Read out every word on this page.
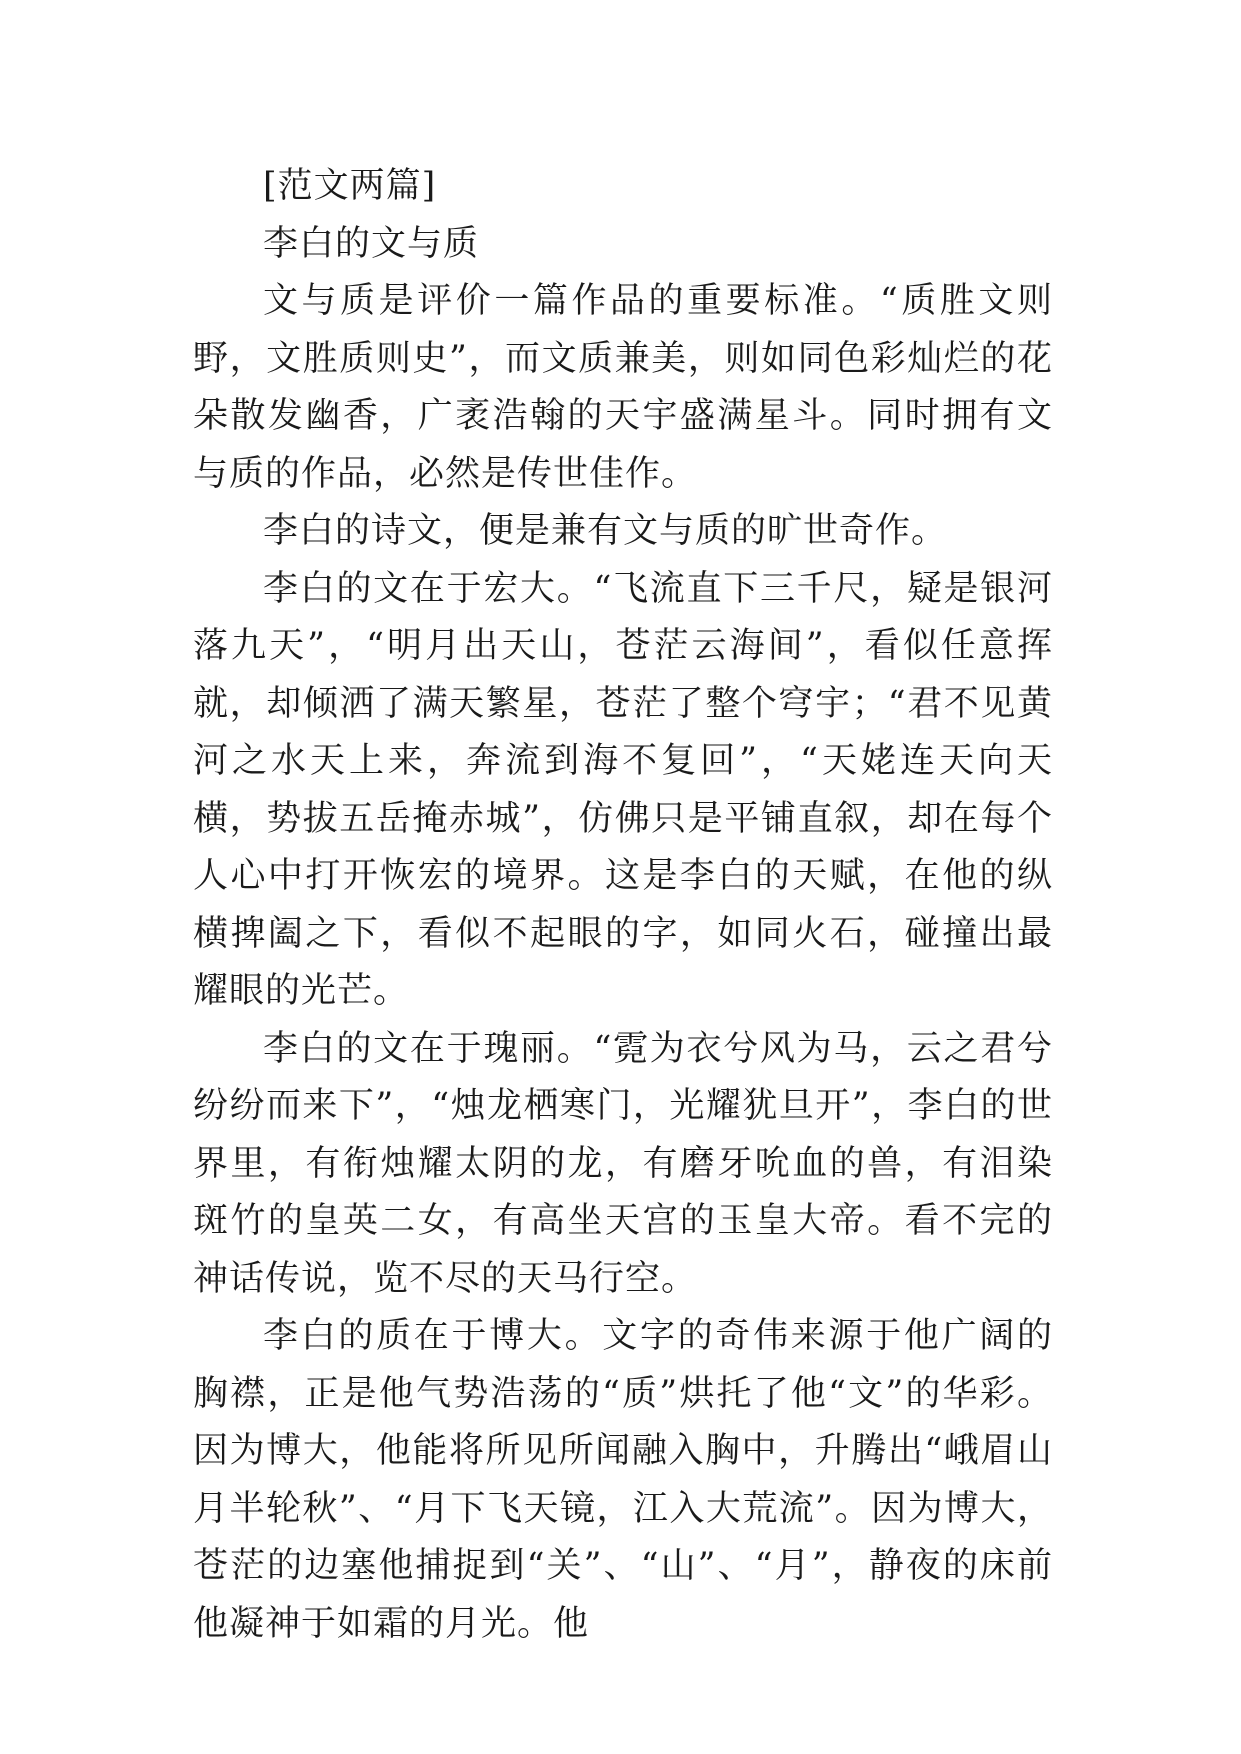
[范文两篇]

李白的文与质

文与质是评价一篇作品的重要标准。“质胜文则野，文胜质则史”，而文质兼美，则如同色彩灿烂的花朵散发幽香，广袤浩翰的天宇盛满星斗。同时拥有文与质的作品，必然是传世佳作。

李白的诗文，便是兼有文与质的旷世奇作。

李白的文在于宏大。“飞流直下三千尺，疑是银河落九天”，“明月出天山，苍茫云海间”，看似任意挥就，却倾洒了满天繁星，苍茫了整个穹宇；“君不见黄河之水天上来，奔流到海不复回”，“天姥连天向天横，势拔五岳掩赤城”，仿佛只是平铺直叙，却在每个人心中打开恢宏的境界。这是李白的天赋，在他的纵横捭阖之下，看似不起眼的字，如同火石，碰撞出最耀眼的光芒。

李白的文在于瑰丽。“霓为衣兮风为马，云之君兮纷纷而来下”，“烛龙栖寒门，光耀犹旦开”，李白的世界里，有衔烛耀太阴的龙，有磨牙吮血的兽，有泪染斑竹的皇英二女，有高坐天宫的玉皇大帝。看不完的神话传说，览不尽的天马行空。

李白的质在于博大。文字的奇伟来源于他广阔的胸襟，正是他气势浩荡的“质”烘托了他“文”的华彩。因为博大，他能将所见所闻融入胸中，升腾出“峨眉山月半轮秋”、“月下飞天镜，江入大荒流”。因为博大，苍茫的边塞他捕捉到“关”、“山”、“月”，静夜的床前他凝神于如霜的月光。他
